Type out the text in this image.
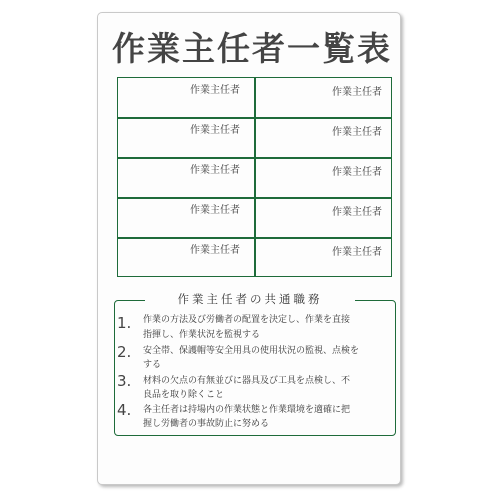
作業主任者一覧表
作業主任者
作業主任者
作業主任者
作業主任者
作業主任者
作業主任者
作業主任者
作業主任者
作業主任者
作業主任者
作業主任者の共通職務
1. 作業の方法及び労働者の配置を決定し、作業を直接
指揮し、作業状況を監視する
2. 安全帯、保護帽等安全用具の使用状況の監視、点検を
する
3. 材料の欠点の有無並びに器具及び工具を点検し、不
良品を取り除くこと
4. 各主任者は持場内の作業状態と作業環境を適確に把
握し労働者の事故防止に努める
